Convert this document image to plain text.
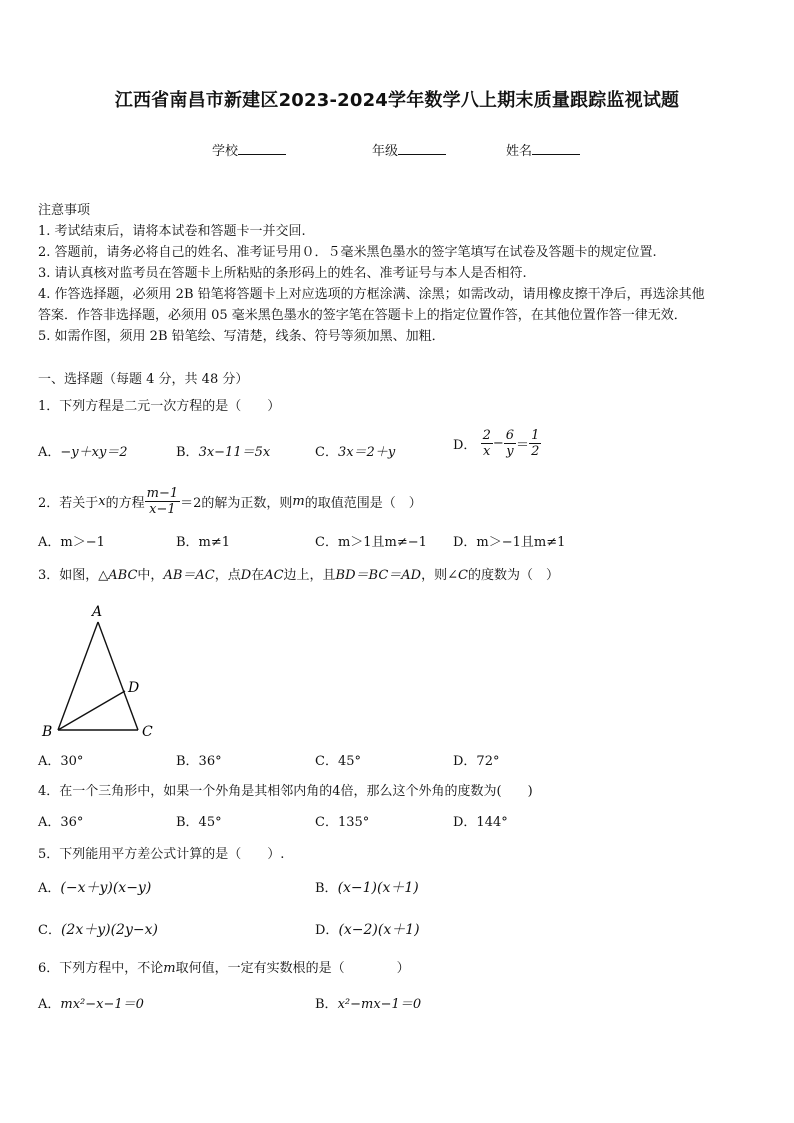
江西省南昌市新建区2023-2024学年数学八上期末质量跟踪监视试题
学校	年级	姓名
注意事项
1. 考试结束后，请将本试卷和答题卡一并交回.
2. 答题前，请务必将自己的姓名、准考证号用０．５毫米黑色墨水的签字笔填写在试卷及答题卡的规定位置.
3. 请认真核对监考员在答题卡上所粘贴的条形码上的姓名、准考证号与本人是否相符.
4. 作答选择题，必须用 2B 铅笔将答题卡上对应选项的方框涂满、涂黑；如需改动，请用橡皮擦干净后，再选涂其他
答案．作答非选择题，必须用 05 毫米黑色墨水的签字笔在答题卡上的指定位置作答，在其他位置作答一律无效．
5. 如需作图，须用 2B 铅笔绘、写清楚，线条、符号等须加黑、加粗．
一、选择题（每题 4 分，共 48 分）
1．下列方程是二元一次方程的是（　　）
A．−y＋xy＝2	B．3x−11＝5x	C．3x＝2＋y	D． $\frac{2}{x} - \frac{6}{y} = \frac{1}{2}$
2．若关于x的方程 $\frac{m-1}{x-1} =2$的解为正数，则m的取值范围是（　）
A．m＞−1	B．m≠1	C．m＞1且m≠−1 D．m＞−1且m≠1
3．如图，△ABC中，AB＝AC，点D在AC边上，且BD＝BC＝AD，则∠C的度数为（　）
A
B	C
D
A．30°	B．36°	C．45°	D．72°
4．在一个三角形中，如果一个外角是其相邻内角的4倍，那么这个外角的度数为(　　)
A．36°	B．45°	C．135°	D．144°
5．下列能用平方差公式计算的是（　　）.
A．(−x＋y)(x−y)	B．(x−1)(x＋1)
C．(2x＋y)(2y−x)	D．(x−2)(x＋1)
6．下列方程中，不论m取何值，一定有实数根的是（　　　　）
A．mx²−x−1＝0	B．x²−mx−1＝0
